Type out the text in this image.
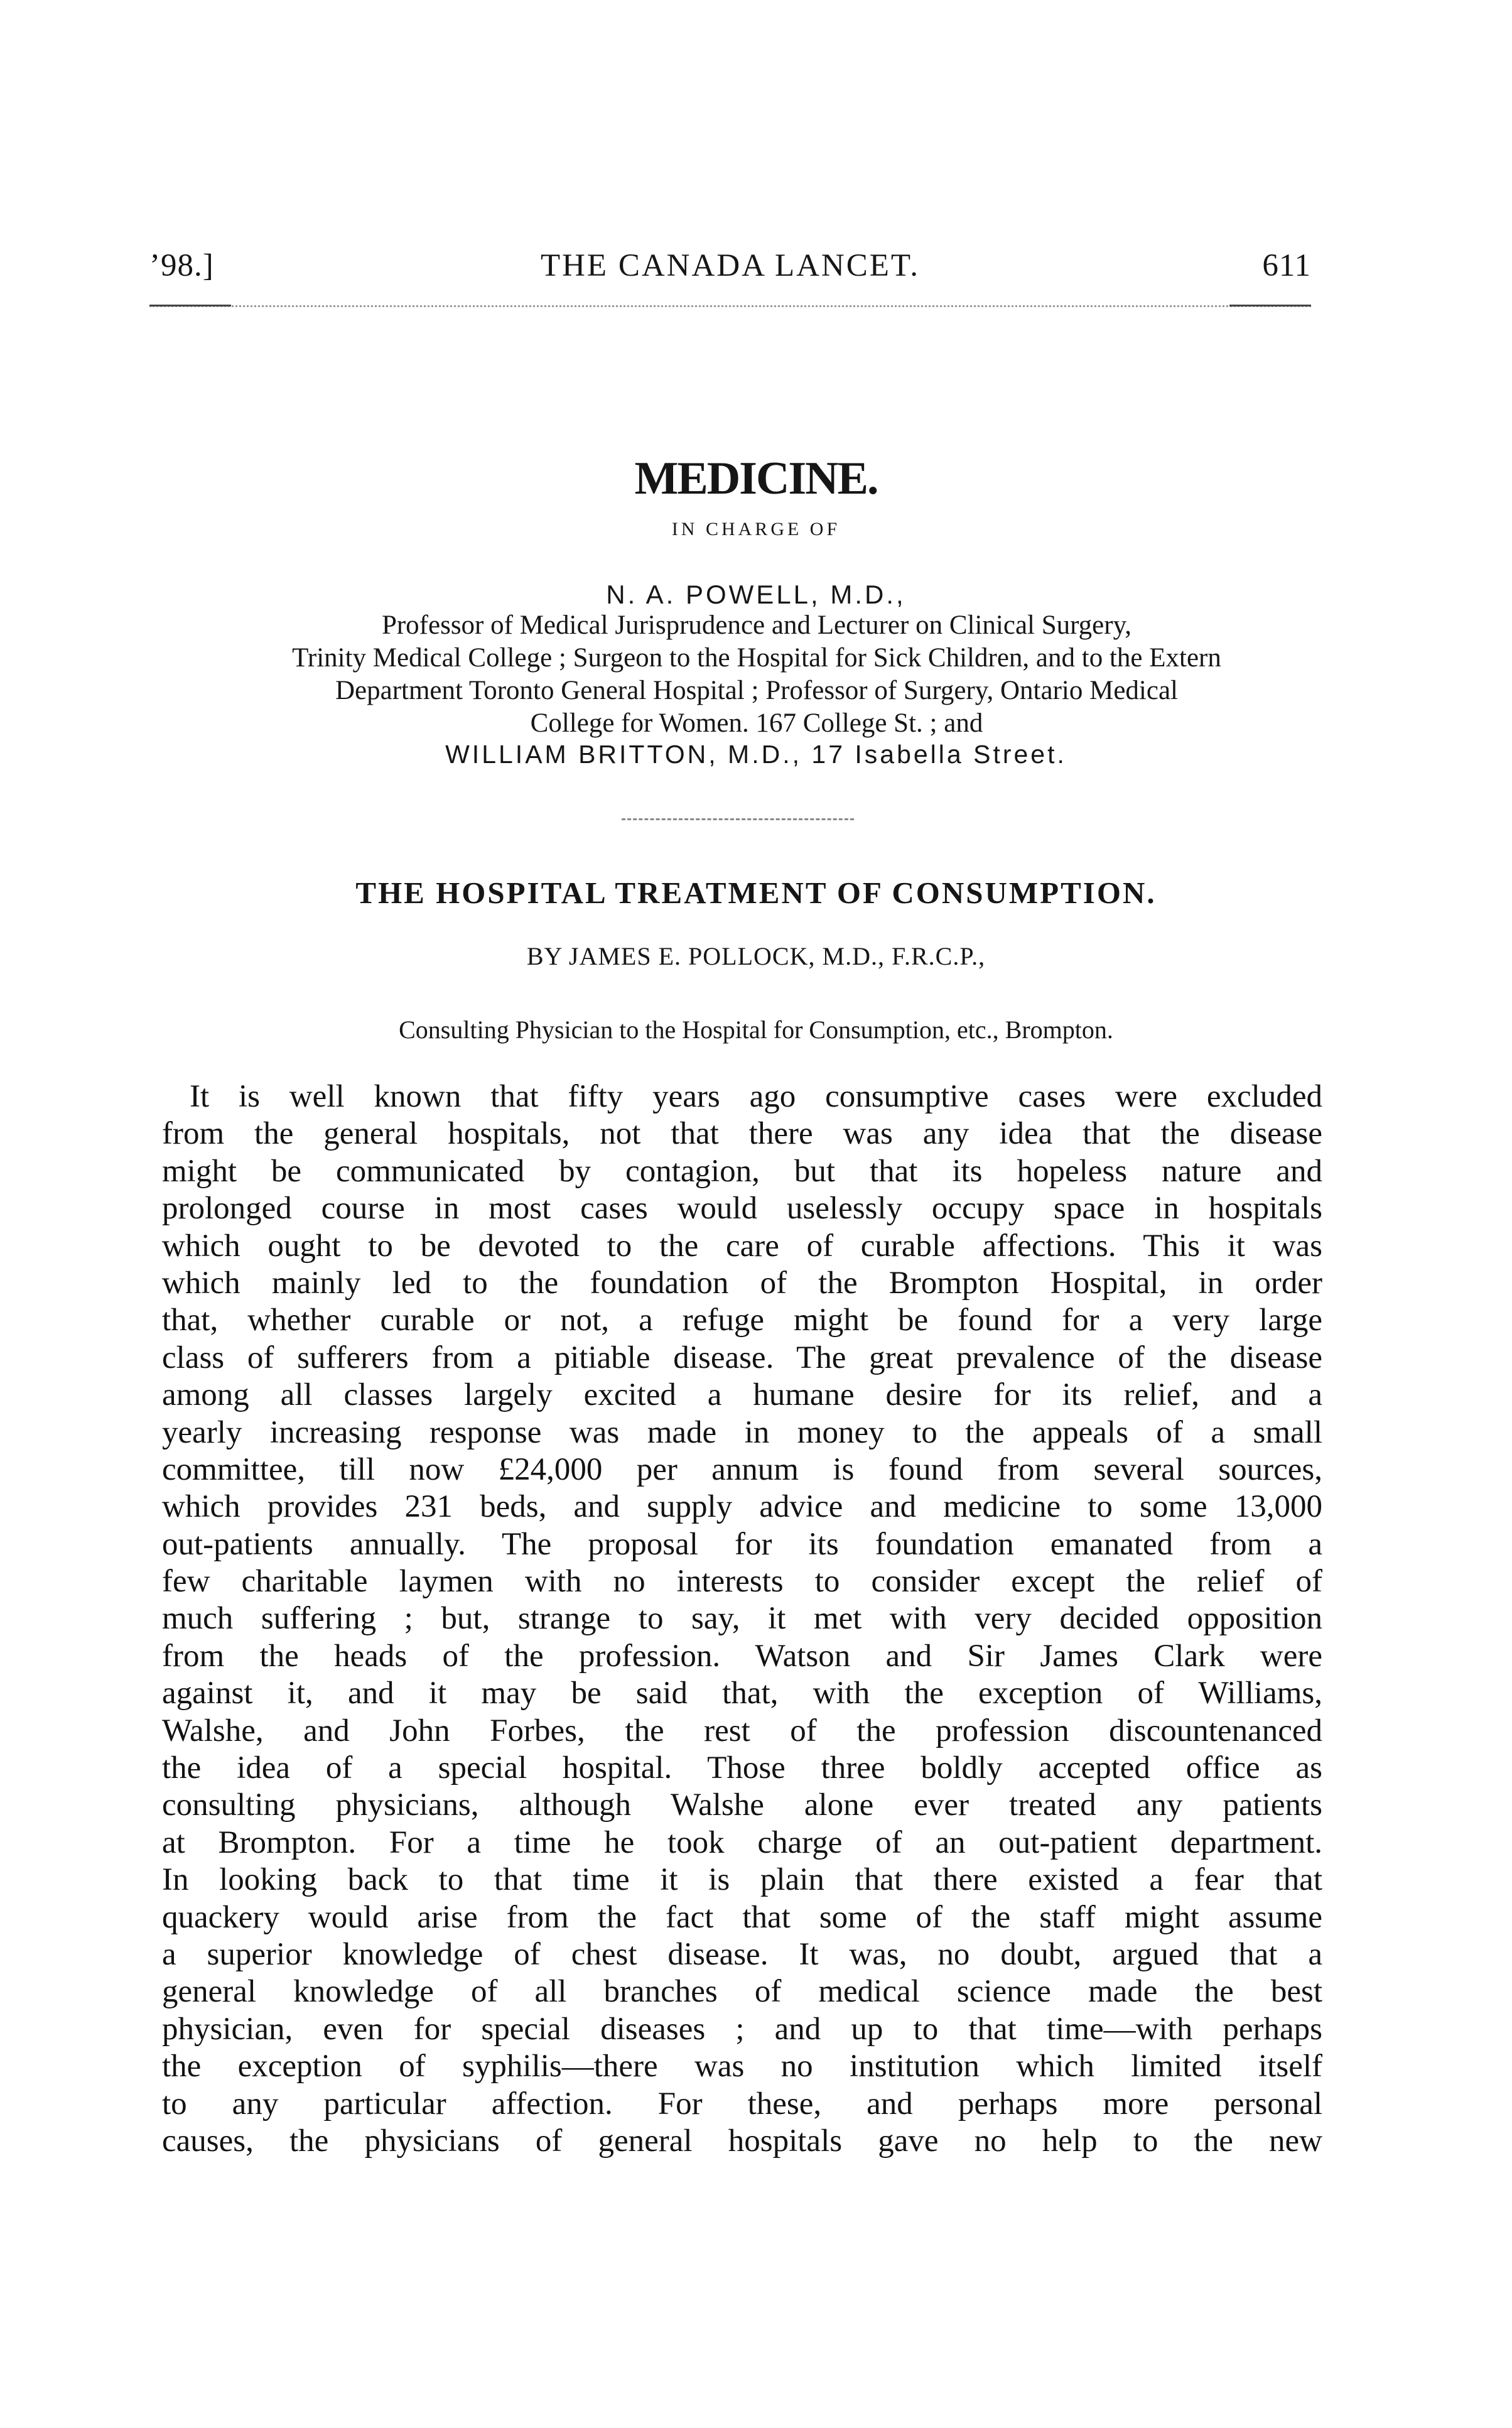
’98.]	THE CANADA LANCET.	611
MEDICINE.
IN CHARGE OF
N. A. POWELL, M.D.,
Professor of Medical Jurisprudence and Lecturer on Clinical Surgery,
Trinity Medical College ; Surgeon to the Hospital for Sick Children, and to the Extern
Department Toronto General Hospital ; Professor of Surgery, Ontario Medical
College for Women. 167 College St. ; and
WILLIAM BRITTON, M.D., 17 Isabella Street.
THE HOSPITAL TREATMENT OF CONSUMPTION.
BY JAMES E. POLLOCK, M.D., F.R.C.P.,
Consulting Physician to the Hospital for Consumption, etc., Brompton.
It is well known that fifty years ago consumptive cases were excluded
from the general hospitals, not that there was any idea that the disease
might be communicated by contagion, but that its hopeless nature and
prolonged course in most cases would uselessly occupy space in hospitals
which ought to be devoted to the care of curable affections. This it was
which mainly led to the foundation of the Brompton Hospital, in order
that, whether curable or not, a refuge might be found for a very large
class of sufferers from a pitiable disease. The great prevalence of the disease
among all classes largely excited a humane desire for its relief, and a
yearly increasing response was made in money to the appeals of a small
committee, till now £24,000 per annum is found from several sources,
which provides 231 beds, and supply advice and medicine to some 13,000
out-patients annually. The proposal for its foundation emanated from a
few charitable laymen with no interests to consider except the relief of
much suffering ; but, strange to say, it met with very decided opposition
from the heads of the profession. Watson and Sir James Clark were
against it, and it may be said that, with the exception of Williams,
Walshe, and John Forbes, the rest of the profession discountenanced
the idea of a special hospital. Those three boldly accepted office as
consulting physicians, although Walshe alone ever treated any patients
at Brompton. For a time he took charge of an out-patient department.
In looking back to that time it is plain that there existed a fear that
quackery would arise from the fact that some of the staff might assume
a superior knowledge of chest disease. It was, no doubt, argued that a
general knowledge of all branches of medical science made the best
physician, even for special diseases ; and up to that time—with perhaps
the exception of syphilis—there was no institution which limited itself
to any particular affection. For these, and perhaps more personal
causes, the physicians of general hospitals gave no help to the new
